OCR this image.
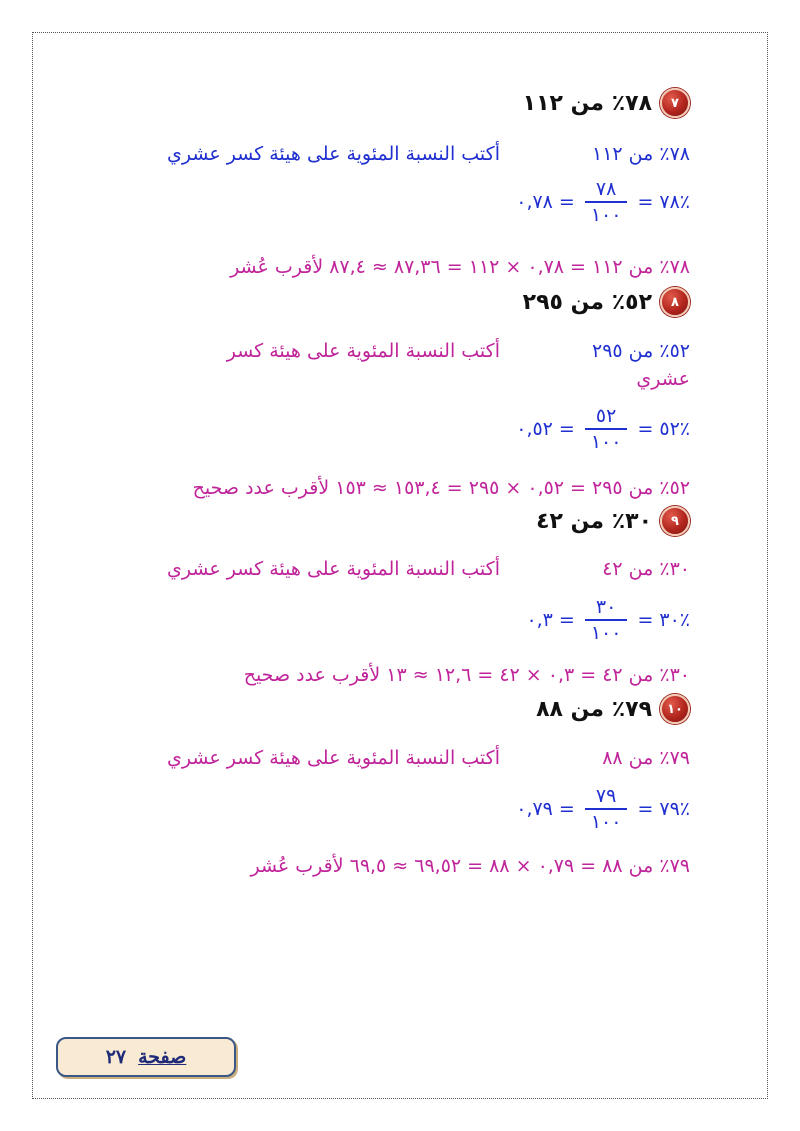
٧
٧٨٪ من ١١٢
٧٨٪ من ١١٢
أكتب النسبة المئوية على هيئة كسر عشري
٪٧٨
=
$\frac{٧٨}{١٠٠}$
=
٠,٧٨
٧٨٪ من ١١٢ = ٠,٧٨ × ١١٢ = ٨٧,٣٦ ≈ ٨٧,٤ لأقرب عُشر
٨
٥٢٪ من ٢٩٥
٥٢٪ من ٢٩٥
أكتب النسبة المئوية على هيئة كسر
عشري
٪٥٢
=
$\frac{٥٢}{١٠٠}$
=
٠,٥٢
٥٢٪ من ٢٩٥ = ٠,٥٢ × ٢٩٥ = ١٥٣,٤ ≈ ١٥٣ لأقرب عدد صحيح
٩
٣٠٪ من ٤٢
٣٠٪ من ٤٢
أكتب النسبة المئوية على هيئة كسر عشري
٪٣٠
=
$\frac{٣٠}{١٠٠}$
=
٠,٣
٣٠٪ من ٤٢ = ٠,٣ × ٤٢ = ١٢,٦ ≈ ١٣ لأقرب عدد صحيح
١٠
٧٩٪ من ٨٨
٧٩٪ من ٨٨
أكتب النسبة المئوية على هيئة كسر عشري
٪٧٩
=
$\frac{٧٩}{١٠٠}$
=
٠,٧٩
٧٩٪ من ٨٨ = ٠,٧٩ × ٨٨ = ٦٩,٥٢ ≈ ٦٩,٥ لأقرب عُشر
صفحة
٢٧
